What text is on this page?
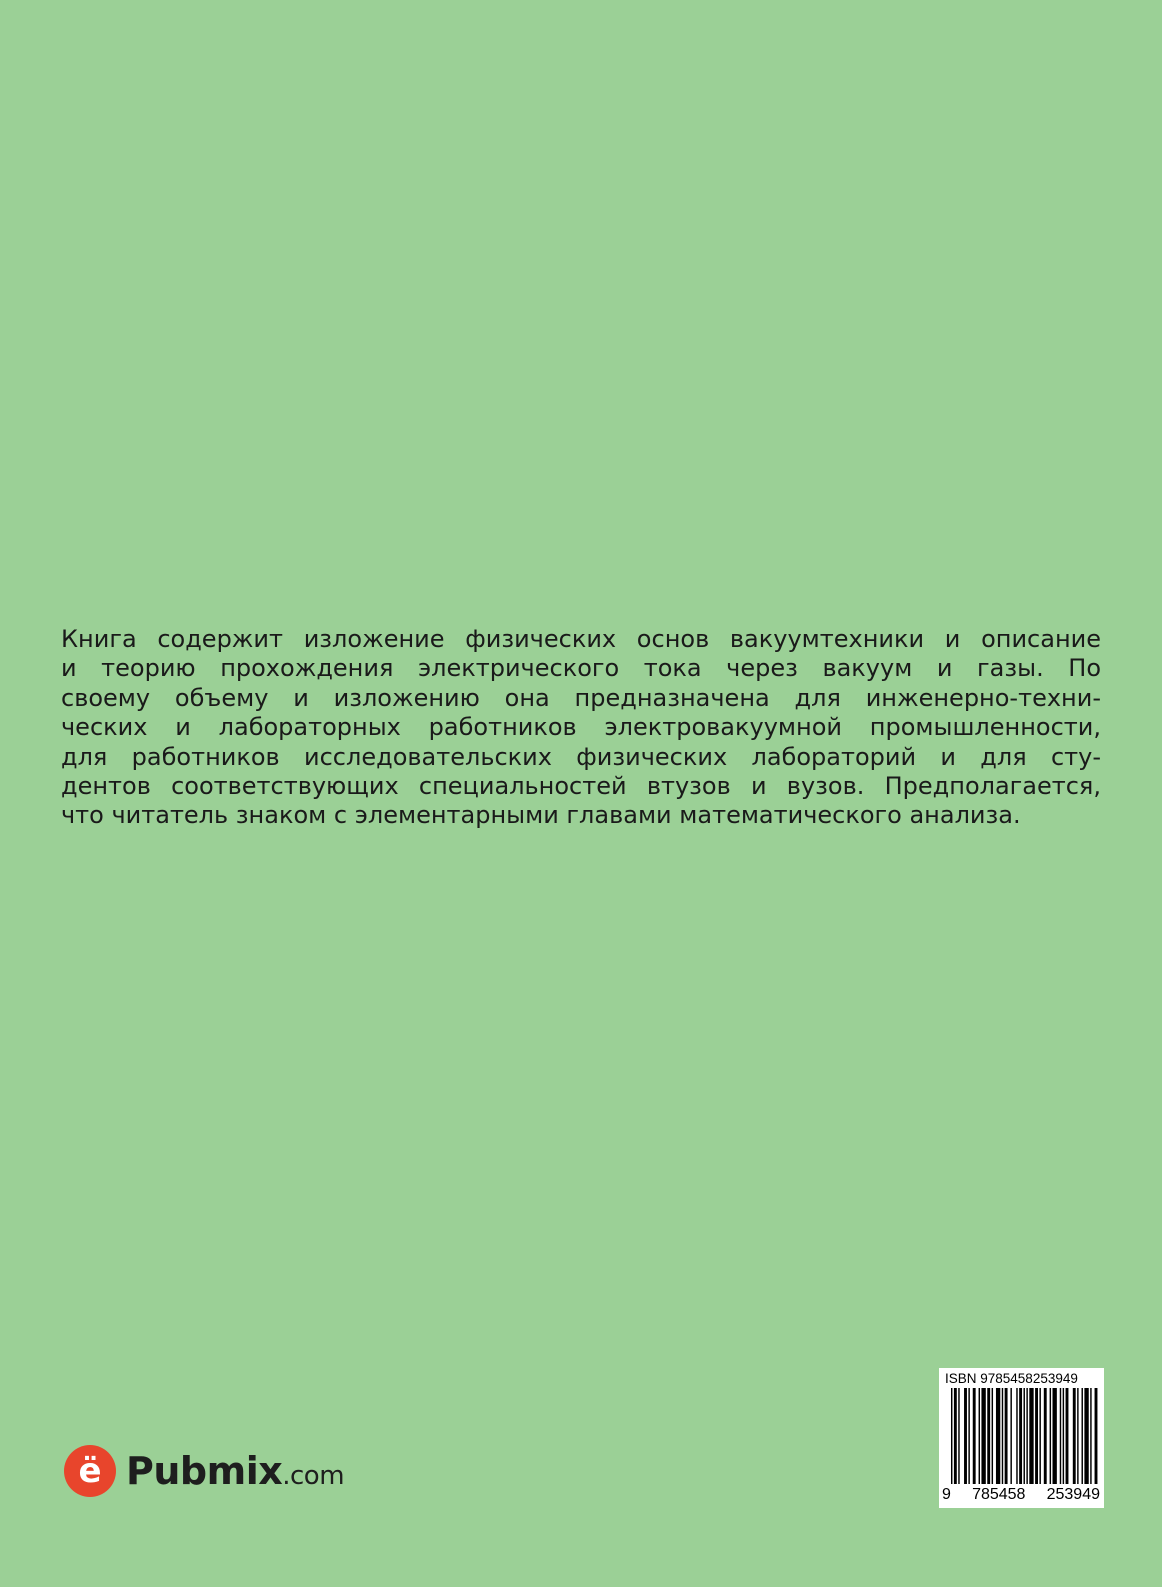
Книга содержит изложение физических основ вакуумтехники и описание
и теорию прохождения электрического тока через вакуум и газы. По
своему объему и изложению она предназначена для инженерно-техни-
ческих и лабораторных работников электровакуумной промышленности,
для работников исследовательских физических лабораторий и для сту-
дентов соответствующих специальностей втузов и вузов. Предполагается,
что читатель знаком с элементарными главами математического анализа.
ё Pubmix.com
ISBN 9785458253949
9 785458 253949
